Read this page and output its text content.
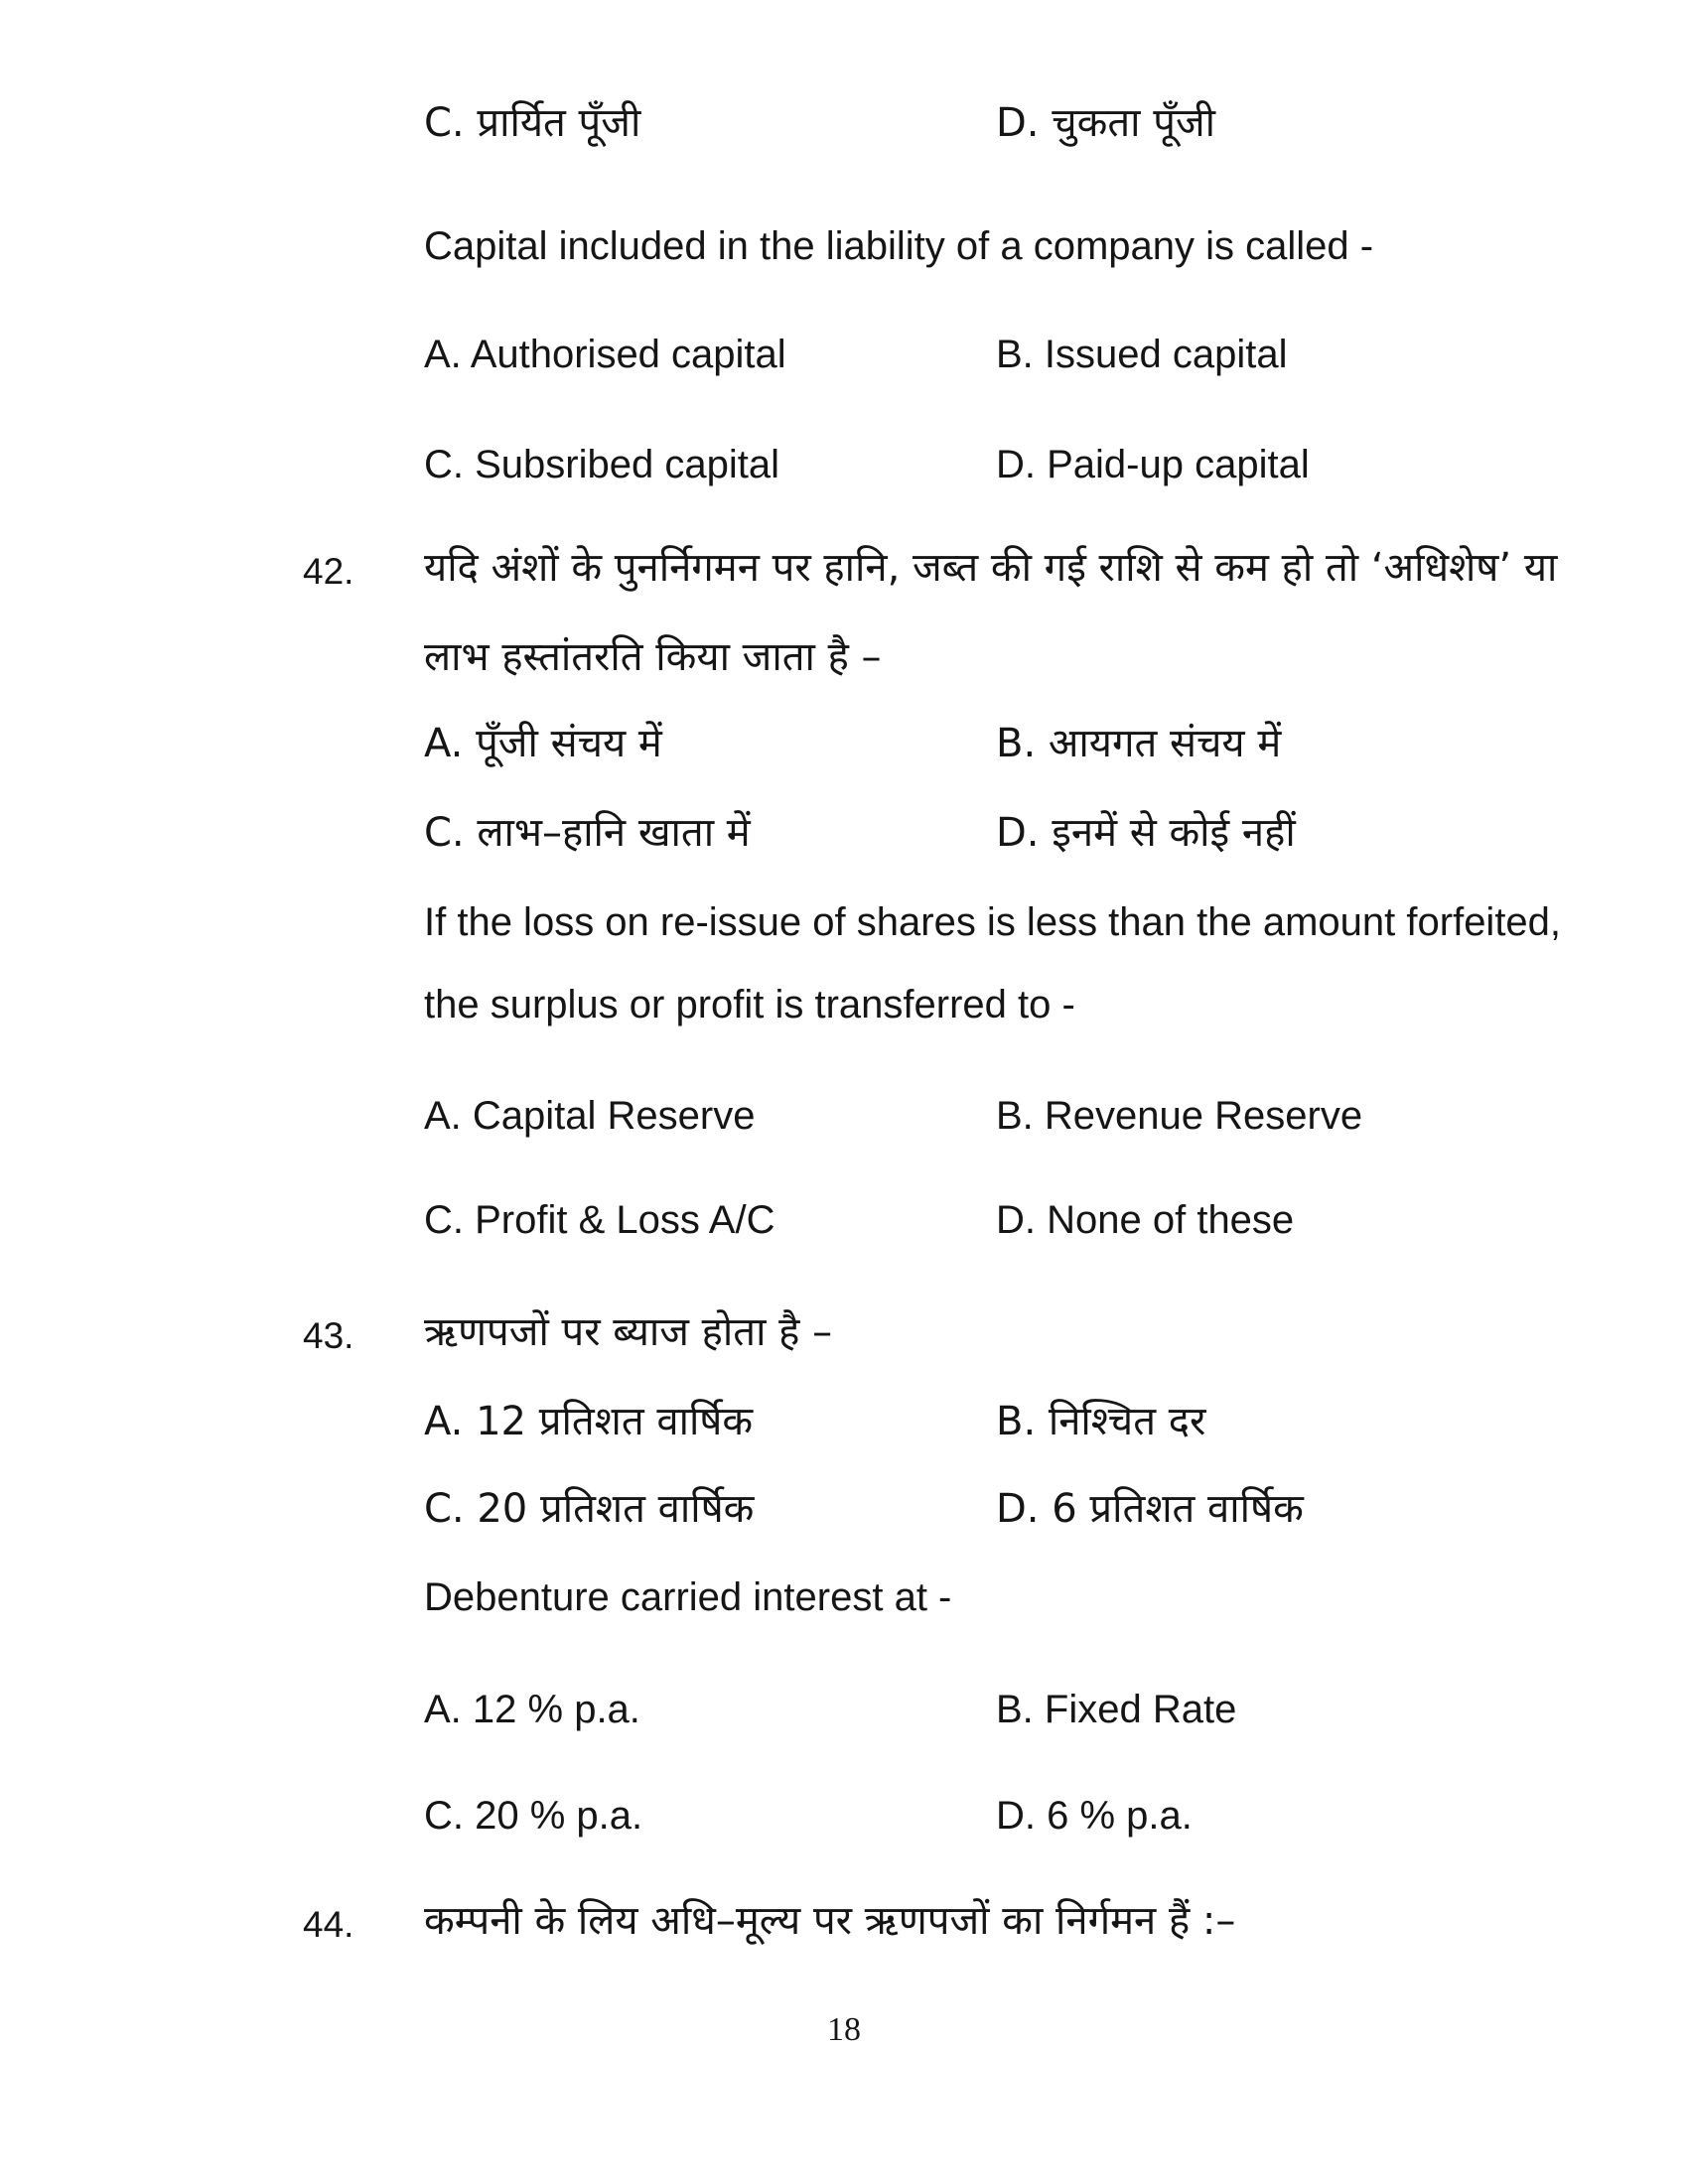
C. प्रार्यित पूँजी	D. चुकता पूँजी
Capital included in the liability of a company is called -
A. Authorised capital	B. Issued capital
C. Subsribed capital	D. Paid-up capital
42. यदि अंशों के पुनर्निगमन पर हानि, जब्त की गई राशि से कम हो तो ‘अधिशेष’ या
लाभ हस्तांतरति किया जाता है –
A. पूँजी संचय में	B. आयगत संचय में
C. लाभ–हानि खाता में	D. इनमें से कोई नहीं
If the loss on re-issue of shares is less than the amount forfeited,
the surplus or profit is transferred to -
A. Capital Reserve	B. Revenue Reserve
C. Profit & Loss A/C	D. None of these
43. ऋणपजों पर ब्याज होता है –
A. 12 प्रतिशत वार्षिक	B. निश्चित दर
C. 20 प्रतिशत वार्षिक	D. 6 प्रतिशत वार्षिक
Debenture carried interest at -
A. 12 % p.a.	B. Fixed Rate
C. 20 % p.a.	D. 6 % p.a.
44. कम्पनी के लिय अधि–मूल्य पर ऋणपजों का निर्गमन हैं :–
18
